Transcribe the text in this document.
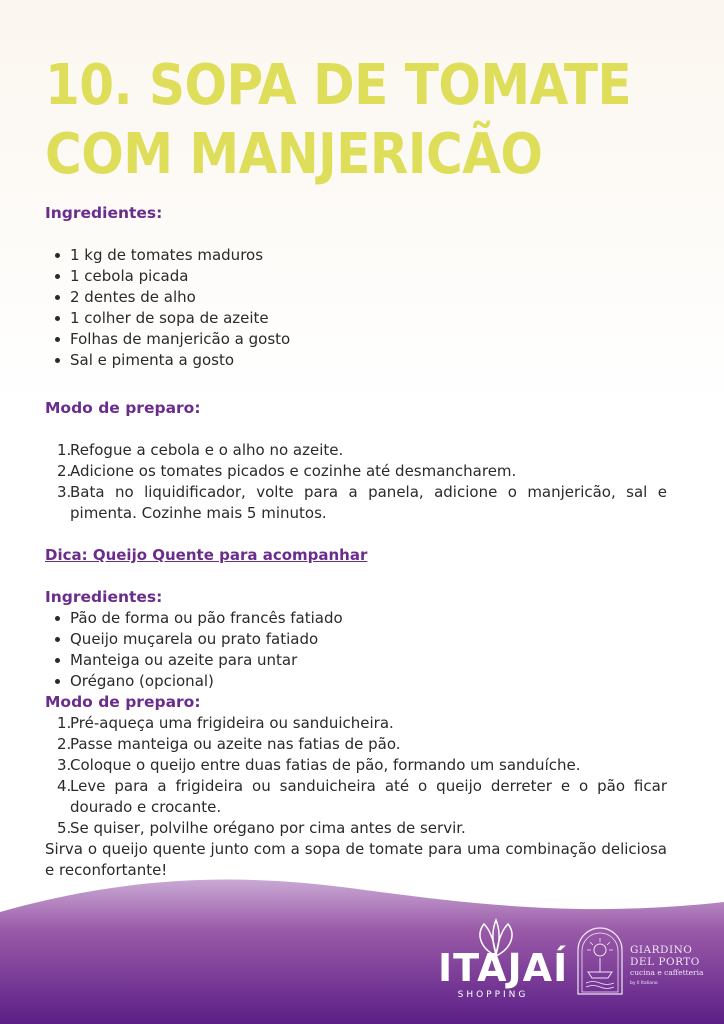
10. SOPA DE TOMATE COM MANJERICÃO

Ingredientes:

1 kg de tomates maduros
1 cebola picada
2 dentes de alho
1 colher de sopa de azeite
Folhas de manjericão a gosto
Sal e pimenta a gosto

Modo de preparo:

1.
Refogue a cebola e o alho no azeite.
2.
Adicione os tomates picados e cozinhe até desmancharem.
3.
Bata no liquidificador, volte para a panela, adicione o manjericão, sal e pimenta. Cozinhe mais 5 minutos.

Dica: Queijo Quente para acompanhar

Ingredientes:

Pão de forma ou pão francês fatiado
Queijo muçarela ou prato fatiado
Manteiga ou azeite para untar
Orégano (opcional)

Modo de preparo:

1.
Pré-aqueça uma frigideira ou sanduicheira.
2.
Passe manteiga ou azeite nas fatias de pão.
3.
Coloque o queijo entre duas fatias de pão, formando um sanduíche.
4.
Leve para a frigideira ou sanduicheira até o queijo derreter e o pão ficar dourado e crocante.
5.
Se quiser, polvilhe orégano por cima antes de servir.

Sirva o queijo quente junto com a sopa de tomate para uma combinação deliciosa e reconfortante!

ITAJAÍ
SHOPPING
GIARDINO
DEL PORTO
cucina e caffetteria
by Il Italiano
